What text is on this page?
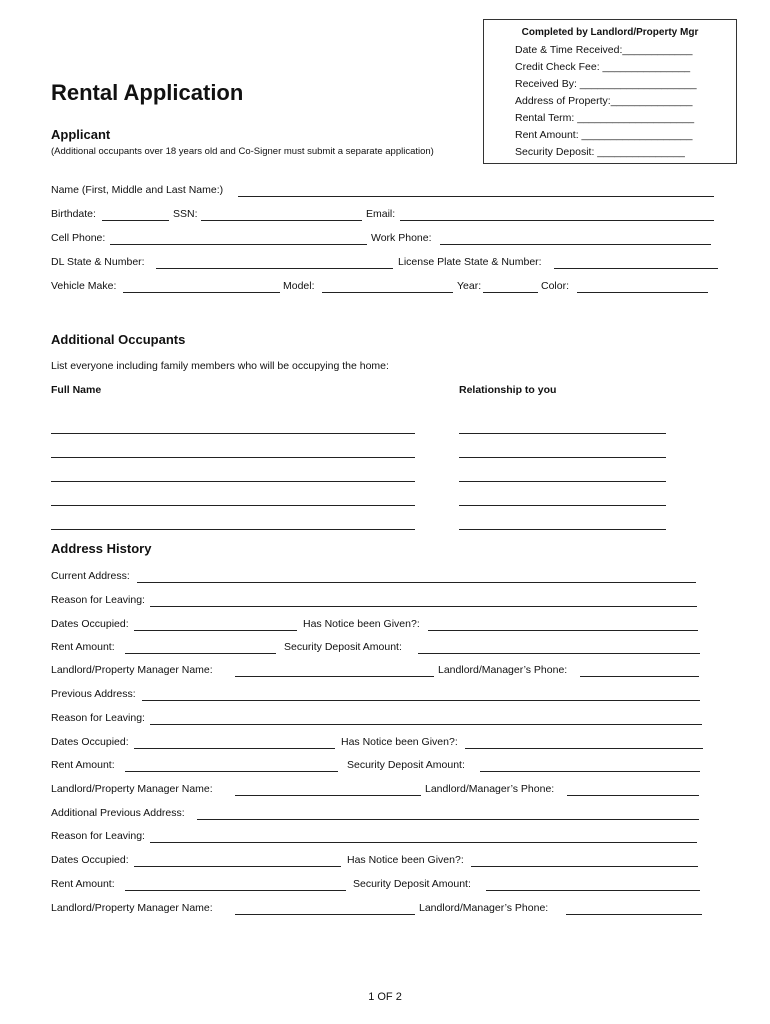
Rental Application
Completed by Landlord/Property Mgr
Date & Time Received:____________
Credit Check Fee: _______________
Received By: ____________________
Address of Property:______________
Rental Term: ____________________
Rent Amount: ___________________
Security Deposit: _______________
Applicant
(Additional occupants over 18 years old and Co-Signer must submit a separate application)
Name (First, Middle and Last Name:)
Birthdate:	SSN:	Email:
Cell Phone:	Work Phone:
DL State & Number:	License Plate State & Number:
Vehicle Make:	Model:	Year:	Color:
Additional Occupants
List everyone including family members who will be occupying the home:
Full Name	Relationship to you
Address History
Current Address:
Reason for Leaving:
Dates Occupied:	Has Notice been Given?:
Rent Amount:	Security Deposit Amount:
Landlord/Property Manager Name:	Landlord/Manager’s Phone:
Previous Address:
Reason for Leaving:
Dates Occupied:	Has Notice been Given?:
Rent Amount:	Security Deposit Amount:
Landlord/Property Manager Name:	Landlord/Manager’s Phone:
Additional Previous Address:
Reason for Leaving:
Dates Occupied:	Has Notice been Given?:
Rent Amount:	Security Deposit Amount:
Landlord/Property Manager Name:	Landlord/Manager’s Phone:
1 OF 2
